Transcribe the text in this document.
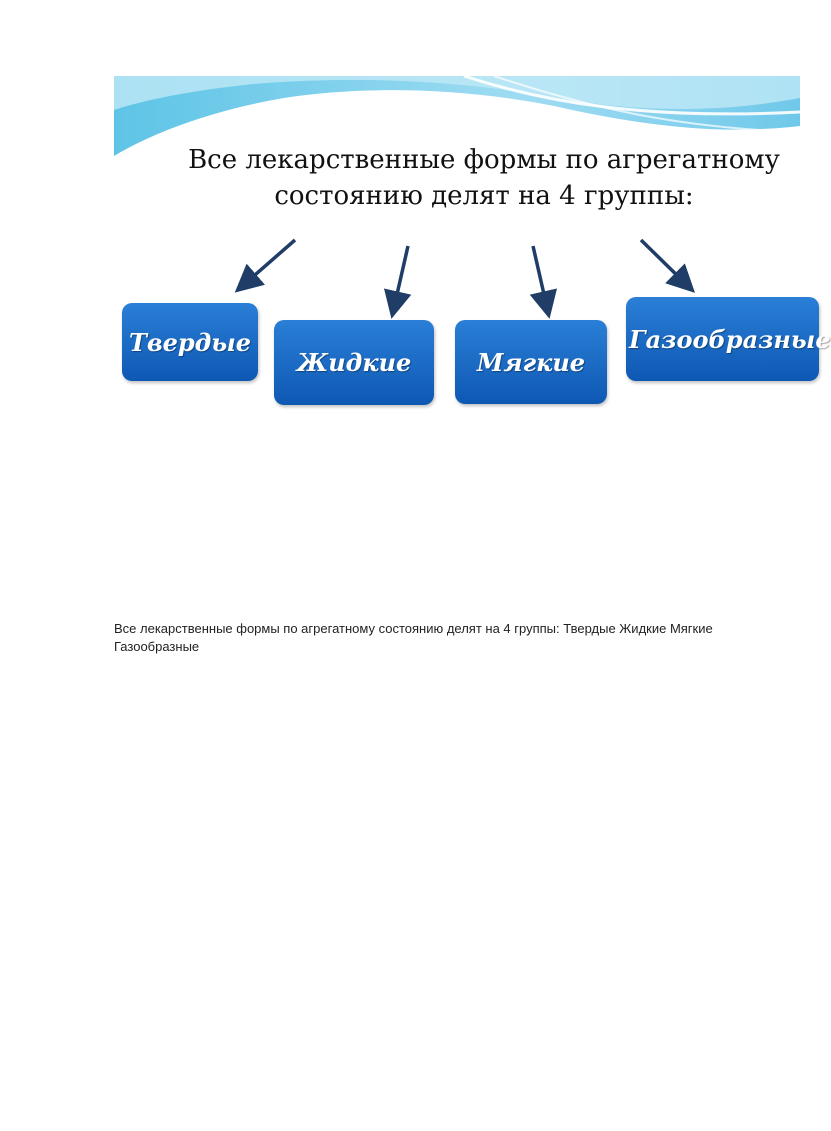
Все лекарственные формы по агрегатному
состоянию делят на 4 группы:
Твердые
Жидкие	Мягкие
Газообразные

Все лекарственные формы по агрегатному состоянию делят на 4 группы: Твердые Жидкие Мягкие Газообразные
